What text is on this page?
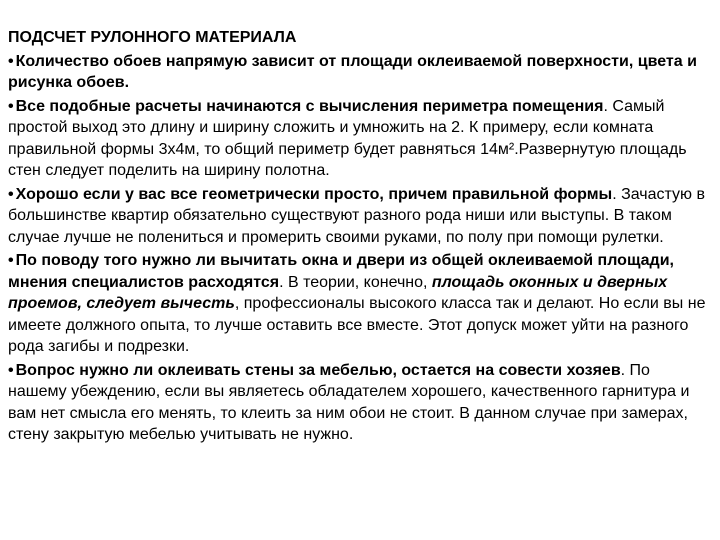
ПОДСЧЕТ РУЛОННОГО МАТЕРИАЛА
• Количество обоев напрямую зависит от площади оклеиваемой поверхности, цвета и рисунка обоев.
• Все подобные расчеты начинаются с вычисления периметра помещения. Самый простой выход это длину и ширину сложить и умножить на 2. К примеру, если комната правильной формы 3х4м, то общий периметр будет равняться 14м².Развернутую площадь стен следует поделить на ширину полотна.
• Хорошо если у вас все геометрически просто, причем правильной формы. Зачастую в большинстве квартир обязательно существуют разного рода ниши или выступы. В таком случае лучше не полениться и промерить своими руками, по полу при помощи рулетки.
• По поводу того нужно ли вычитать окна и двери из общей оклеиваемой площади, мнения специалистов расходятся. В теории, конечно, площадь оконных и дверных проемов, следует вычесть, профессионалы высокого класса так и делают. Но если вы не имеете должного опыта, то лучше оставить все вместе. Этот допуск может уйти на разного рода загибы и подрезки.
• Вопрос нужно ли оклеивать стены за мебелью, остается на совести хозяев. По нашему убеждению, если вы являетесь обладателем хорошего, качественного гарнитура и вам нет смысла его менять, то клеить за ним обои не стоит. В данном случае при замерах, стену закрытую мебелью учитывать не нужно.
